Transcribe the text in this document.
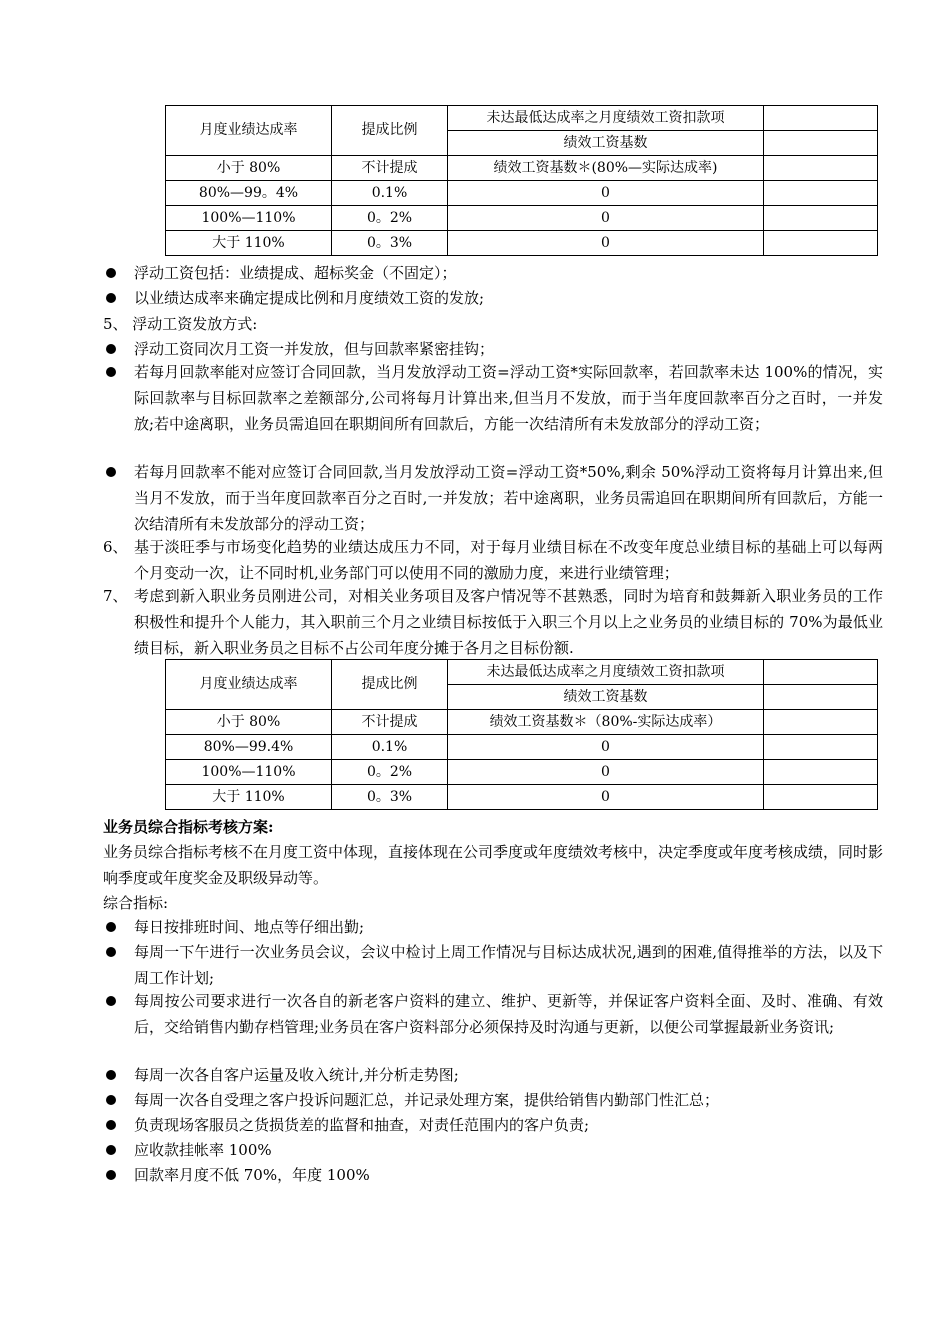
月度业绩达成率	提成比例	未达最低达成率之月度绩效工资扣款项	
		绩效工资基数	
小于 80%	不计提成	绩效工资基数＊(80%—实际达成率)	
80%—99。4%	0.1%	0	
100%—110%	0。2%	0	
大于 110%	0。3%	0	
浮动工资包括：业绩提成、超标奖金（不固定）；
以业绩达成率来确定提成比例和月度绩效工资的发放;
5、 浮动工资发放方式:
浮动工资同次月工资一并发放，但与回款率紧密挂钩；
若每月回款率能对应签订合同回款，当月发放浮动工资=浮动工资*实际回款率，若回款率未达 100%的情况，实际回款率与目标回款率之差额部分,公司将每月计算出来,但当月不发放，而于当年度回款率百分之百时，一并发放;若中途离职，业务员需追回在职期间所有回款后，方能一次结清所有未发放部分的浮动工资；
若每月回款率不能对应签订合同回款,当月发放浮动工资=浮动工资*50%,剩余 50%浮动工资将每月计算出来,但当月不发放，而于当年度回款率百分之百时,一并发放；若中途离职，业务员需追回在职期间所有回款后，方能一次结清所有未发放部分的浮动工资；
6、 基于淡旺季与市场变化趋势的业绩达成压力不同，对于每月业绩目标在不改变年度总业绩目标的基础上可以每两个月变动一次，让不同时机,业务部门可以使用不同的激励力度，来进行业绩管理；
7、 考虑到新入职业务员刚进公司，对相关业务项目及客户情况等不甚熟悉，同时为培育和鼓舞新入职业务员的工作积极性和提升个人能力，其入职前三个月之业绩目标按低于入职三个月以上之业务员的业绩目标的 70%为最低业绩目标，新入职业务员之目标不占公司年度分摊于各月之目标份额.
月度业绩达成率	提成比例	未达最低达成率之月度绩效工资扣款项	
		绩效工资基数	
小于 80%	不计提成	绩效工资基数＊（80%-实际达成率）	
80%—99.4%	0.1%	0	
100%—110%	0。2%	0	
大于 110%	0。3%	0	
业务员综合指标考核方案:
业务员综合指标考核不在月度工资中体现，直接体现在公司季度或年度绩效考核中，决定季度或年度考核成绩，同时影响季度或年度奖金及职级异动等。
综合指标:
每日按排班时间、地点等仔细出勤;
每周一下午进行一次业务员会议，会议中检讨上周工作情况与目标达成状况,遇到的困难,值得推举的方法，以及下周工作计划;
每周按公司要求进行一次各自的新老客户资料的建立、维护、更新等，并保证客户资料全面、及时、准确、有效后，交给销售内勤存档管理;业务员在客户资料部分必须保持及时沟通与更新，以便公司掌握最新业务资讯;
每周一次各自客户运量及收入统计,并分析走势图;
每周一次各自受理之客户投诉问题汇总，并记录处理方案，提供给销售内勤部门性汇总；
负责现场客服员之货损货差的监督和抽查，对责任范围内的客户负责;
应收款挂帐率 100%
回款率月度不低 70%，年度 100%
